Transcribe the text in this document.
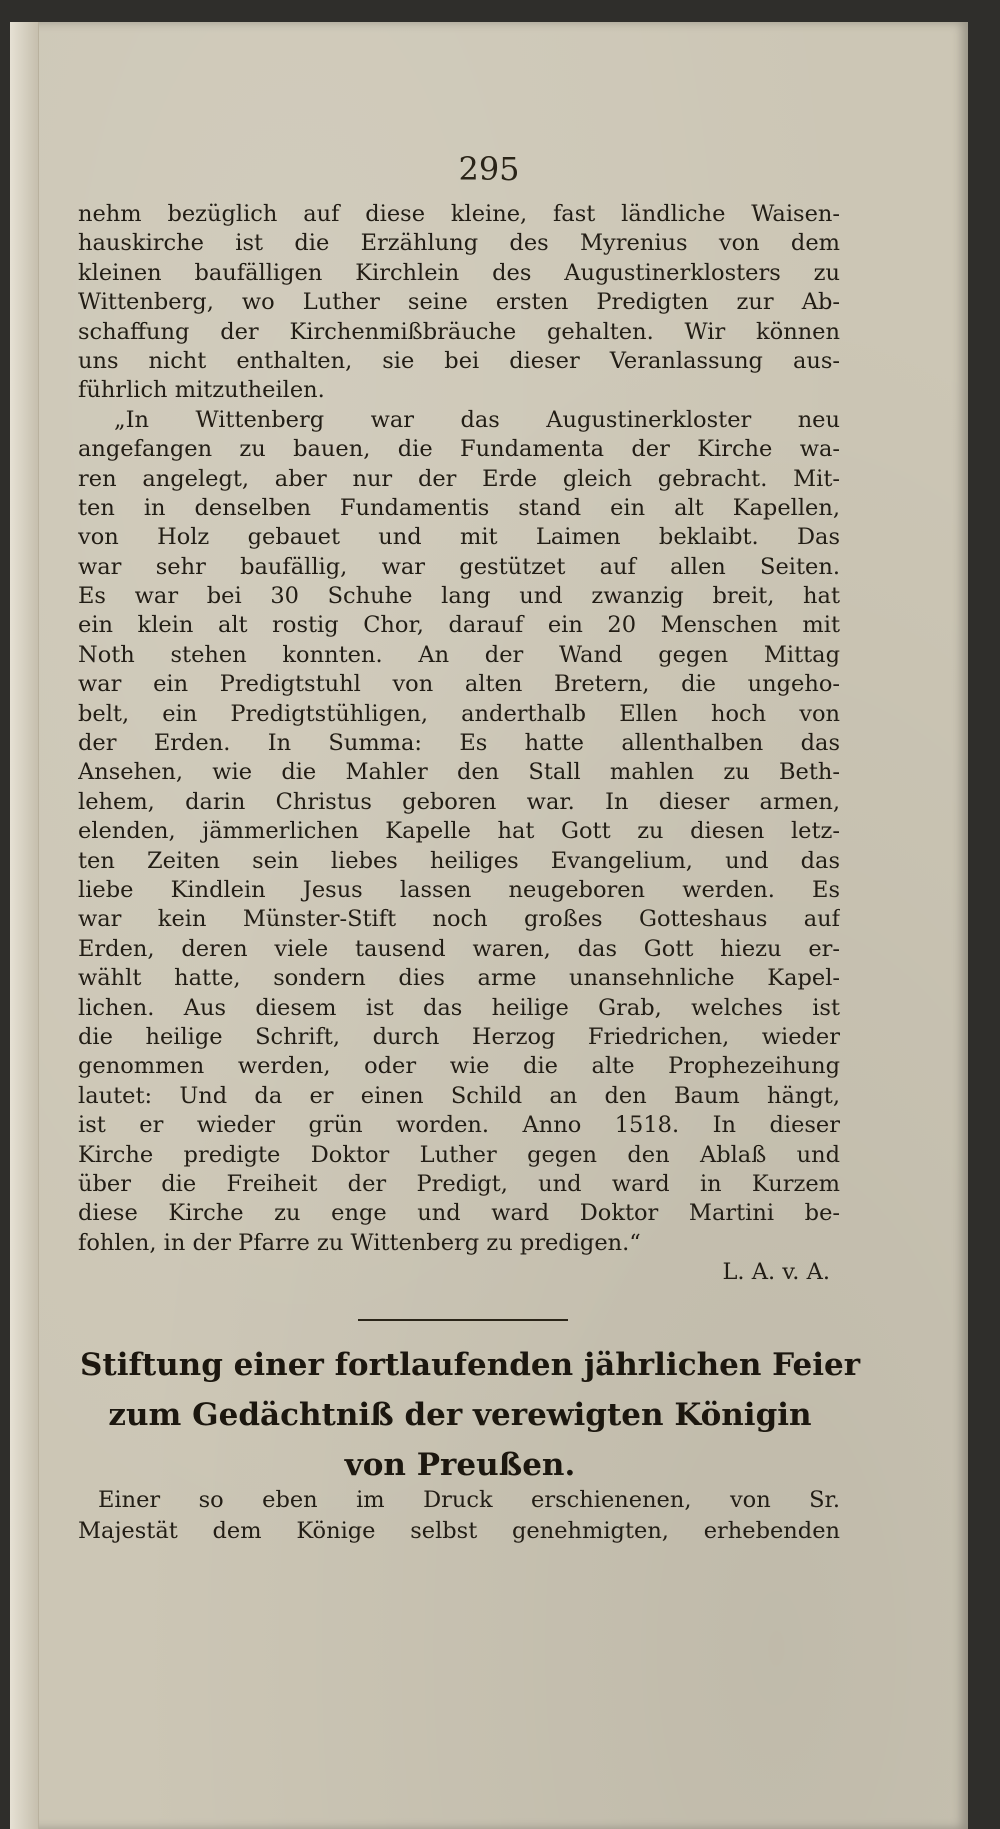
295
nehm bezüglich auf diese kleine, fast ländliche Waisen-
hauskirche ist die Erzählung des Myrenius von dem
kleinen baufälligen Kirchlein des Augustinerklosters zu
Wittenberg, wo Luther seine ersten Predigten zur Ab-
schaffung der Kirchenmißbräuche gehalten. Wir können
uns nicht enthalten, sie bei dieser Veranlassung aus-
führlich mitzutheilen.
„In Wittenberg war das Augustinerkloster neu
angefangen zu bauen, die Fundamenta der Kirche wa-
ren angelegt, aber nur der Erde gleich gebracht. Mit-
ten in denselben Fundamentis stand ein alt Kapellen,
von Holz gebauet und mit Laimen beklaibt. Das
war sehr baufällig, war gestützet auf allen Seiten.
Es war bei 30 Schuhe lang und zwanzig breit, hat
ein klein alt rostig Chor, darauf ein 20 Menschen mit
Noth stehen konnten. An der Wand gegen Mittag
war ein Predigtstuhl von alten Bretern, die ungeho-
belt, ein Predigtstühligen, anderthalb Ellen hoch von
der Erden. In Summa: Es hatte allenthalben das
Ansehen, wie die Mahler den Stall mahlen zu Beth-
lehem, darin Christus geboren war. In dieser armen,
elenden, jämmerlichen Kapelle hat Gott zu diesen letz-
ten Zeiten sein liebes heiliges Evangelium, und das
liebe Kindlein Jesus lassen neugeboren werden. Es
war kein Münster-Stift noch großes Gotteshaus auf
Erden, deren viele tausend waren, das Gott hiezu er-
wählt hatte, sondern dies arme unansehnliche Kapel-
lichen. Aus diesem ist das heilige Grab, welches ist
die heilige Schrift, durch Herzog Friedrichen, wieder
genommen werden, oder wie die alte Prophezeihung
lautet: Und da er einen Schild an den Baum hängt,
ist er wieder grün worden. Anno 1518. In dieser
Kirche predigte Doktor Luther gegen den Ablaß und
über die Freiheit der Predigt, und ward in Kurzem
diese Kirche zu enge und ward Doktor Martini be-
fohlen, in der Pfarre zu Wittenberg zu predigen.“
L. A. v. A.
Stiftung einer fortlaufenden jährlichen Feier
zum Gedächtniß der verewigten Königin
von Preußen.
Einer so eben im Druck erschienenen, von Sr.
Majestät dem Könige selbst genehmigten, erhebenden
